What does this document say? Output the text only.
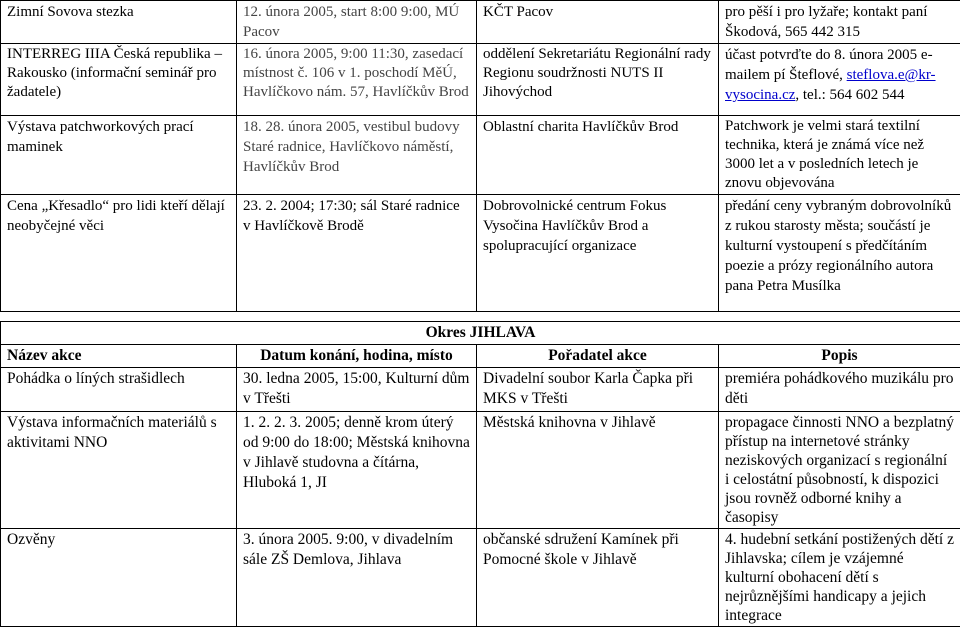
Zimní Sovova stezka	12. února 2005, start 8:00 9:00, MÚ Pacov	KČT Pacov	pro pěší i pro lyžaře; kontakt paní Škodová, 565 442 315
INTERREG IIIA Česká republika – Rakousko (informační seminář pro žadatele)	16. února 2005, 9:00 11:30, zasedací místnost č. 106 v 1. poschodí MěÚ, Havlíčkovo nám. 57, Havlíčkův Brod	oddělení Sekretariátu Regionální rady Regionu soudržnosti NUTS II Jihovýchod	účast potvrďte do 8. února 2005 e-mailem pí Šteflové, steflova.e@kr-vysocina.cz, tel.: 564 602 544
Výstava patchworkových prací maminek	18. 28. února 2005, vestibul budovy Staré radnice, Havlíčkovo náměstí, Havlíčkův Brod	Oblastní charita Havlíčkův Brod	Patchwork je velmi stará textilní technika, která je známá více než 3000 let a v posledních letech je znovu objevována
Cena „Křesadlo“ pro lidi kteří dělají neobyčejné věci	23. 2. 2004; 17:30; sál Staré radnice v Havlíčkově Brodě	Dobrovolnické centrum Fokus Vysočina Havlíčkův Brod a spolupracující organizace	předání ceny vybraným dobrovolníků z rukou starosty města; součástí je kulturní vystoupení s předčítáním poezie a prózy regionálního autora pana Petra Musílka
Okres JIHLAVA			
Název akce	Datum konání, hodina, místo	Pořadatel akce	Popis
Pohádka o líných strašidlech	30. ledna 2005, 15:00, Kulturní dům v Třešti	Divadelní soubor Karla Čapka při MKS v Třešti	premiéra pohádkového muzikálu pro děti
Výstava informačních materiálů s aktivitami NNO	1. 2. 2. 3. 2005; denně krom úterý od 9:00 do 18:00; Městská knihovna v Jihlavě studovna a čítárna, Hluboká 1, JI	Městská knihovna v Jihlavě	propagace činnosti NNO a bezplatný přístup na internetové stránky neziskových organizací s regionální i celostátní působností, k dispozici jsou rovněž odborné knihy a časopisy
Ozvěny	3. února 2005. 9:00, v divadelním sále ZŠ Demlova, Jihlava	občanské sdružení Kamínek při Pomocné škole v Jihlavě	4. hudební setkání postižených dětí z Jihlavska; cílem je vzájemné kulturní obohacení dětí s nejrůznějšími handicapy a jejich integrace
